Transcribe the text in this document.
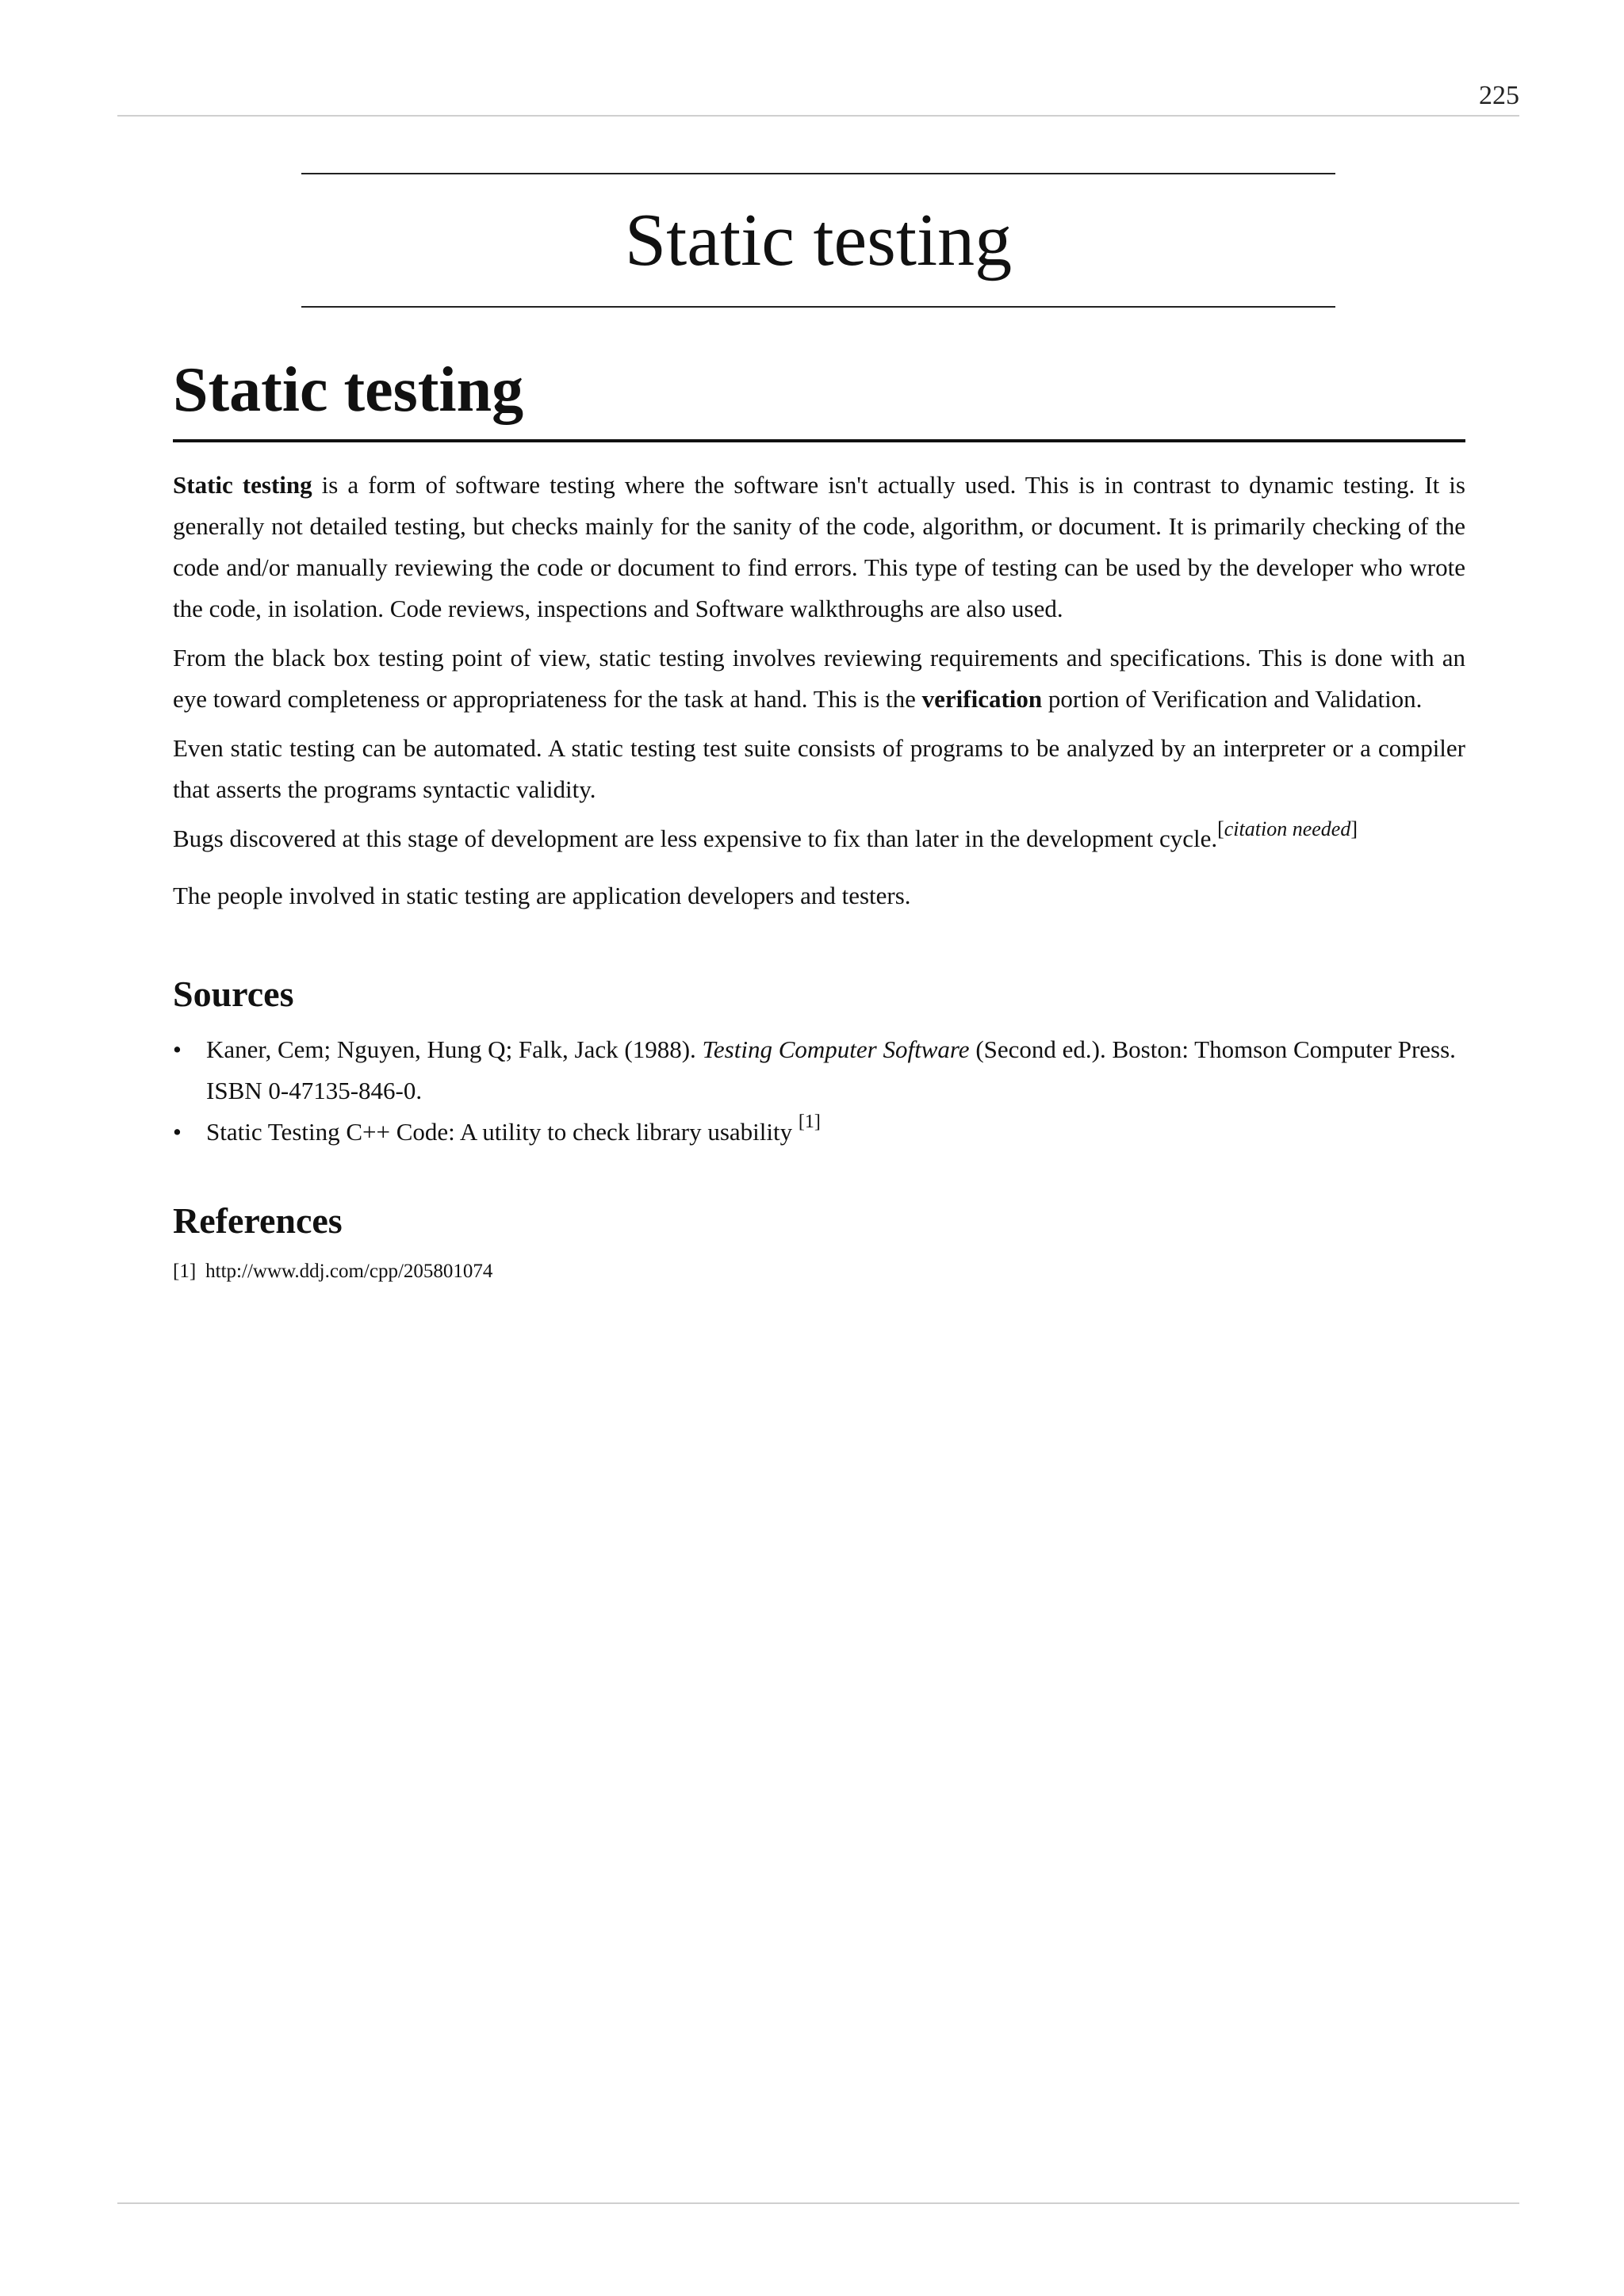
225
Static testing
Static testing

Static testing is a form of software testing where the software isn't actually used. This is in contrast to dynamic testing. It is generally not detailed testing, but checks mainly for the sanity of the code, algorithm, or document. It is primarily checking of the code and/or manually reviewing the code or document to find errors. This type of testing can be used by the developer who wrote the code, in isolation. Code reviews, inspections and Software walkthroughs are also used.

From the black box testing point of view, static testing involves reviewing requirements and specifications. This is done with an eye toward completeness or appropriateness for the task at hand. This is the verification portion of Verification and Validation.

Even static testing can be automated. A static testing test suite consists of programs to be analyzed by an interpreter or a compiler that asserts the programs syntactic validity.

Bugs discovered at this stage of development are less expensive to fix than later in the development cycle.[citation needed]

The people involved in static testing are application developers and testers.

Sources
• Kaner, Cem; Nguyen, Hung Q; Falk, Jack (1988). Testing Computer Software (Second ed.). Boston: Thomson Computer Press. ISBN 0-47135-846-0.
• Static Testing C++ Code: A utility to check library usability [1]
References

[1] http://www.ddj.com/cpp/205801074
